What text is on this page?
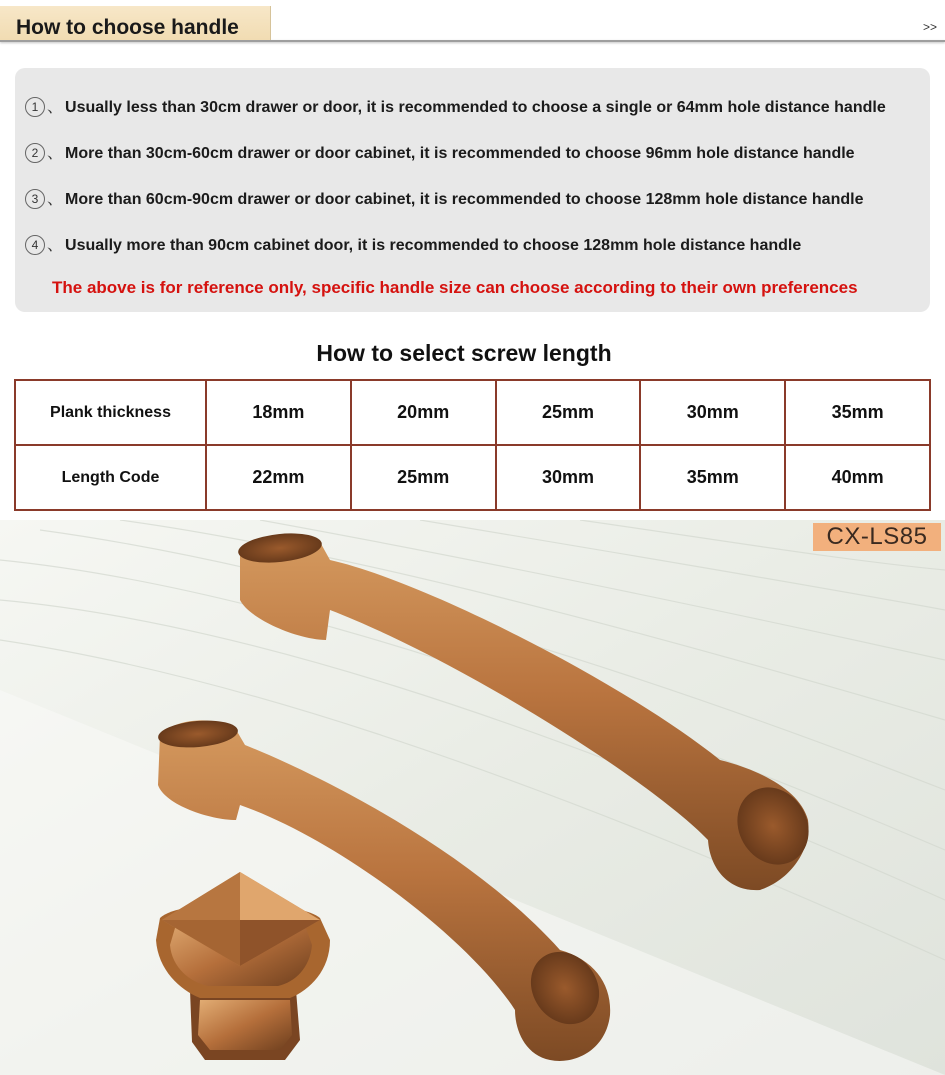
How to choose handle	>>
1 、 Usually less than 30cm drawer or door, it is recommended to choose a single or 64mm hole distance handle
2 、 More than 30cm-60cm drawer or door cabinet, it is recommended to choose 96mm hole distance handle
3 、 More than 60cm-90cm drawer or door cabinet, it is recommended to choose 128mm hole distance handle
4 、 Usually more than 90cm cabinet door, it is recommended to choose 128mm hole distance handle
The above is for reference only, specific handle size can choose according to their own preferences
How to select screw length
Plank thickness	18mm	20mm	25mm	30mm	35mm
Length Code	22mm	25mm	30mm	35mm	40mm
CX-LS85
